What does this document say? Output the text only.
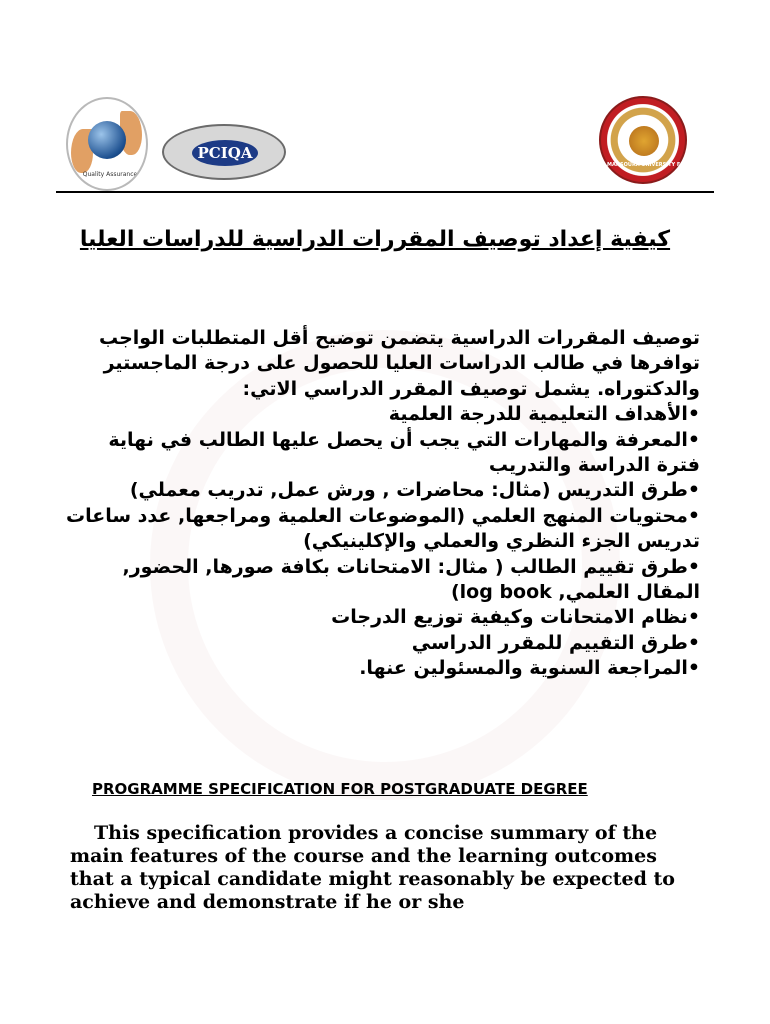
Quality Assurance
PCIQA
MANSOURA UNIVERSITY FACULTY OF MEDICINE
كيفية إعداد توصيف المقررات الدراسية للدراسات العليا

توصيف المقررات الدراسية يتضمن توضيح أقل المتطلبات الواجب توافرها في طالب الدراسات العليا للحصول على درجة الماجستير والدكتوراه. يشمل توصيف المقرر الدراسي الاتي:

•الأهداف التعليمية للدرجة العلمية

•المعرفة والمهارات التي يجب أن يحصل عليها الطالب في نهاية فترة الدراسة والتدريب

•طرق التدريس (مثال: محاضرات , ورش عمل, تدريب معملي)

•محتويات المنهج العلمي (الموضوعات العلمية ومراجعها, عدد ساعات تدريس الجزء النظري والعملي والإكلينيكي)

•طرق تقييم الطالب ( مثال: الامتحانات بكافة صورها, الحضور, المقال العلمي, log book)

•نظام الامتحانات وكيفية توزيع الدرجات

•طرق التقييم للمقرر الدراسي

•المراجعة السنوية والمسئولين عنها.

PROGRAMME SPECIFICATION FOR POSTGRADUATE DEGREE
This specification provides a concise summary of the main features of the course and the learning outcomes that a typical candidate might reasonably be expected to achieve and demonstrate if he or she
